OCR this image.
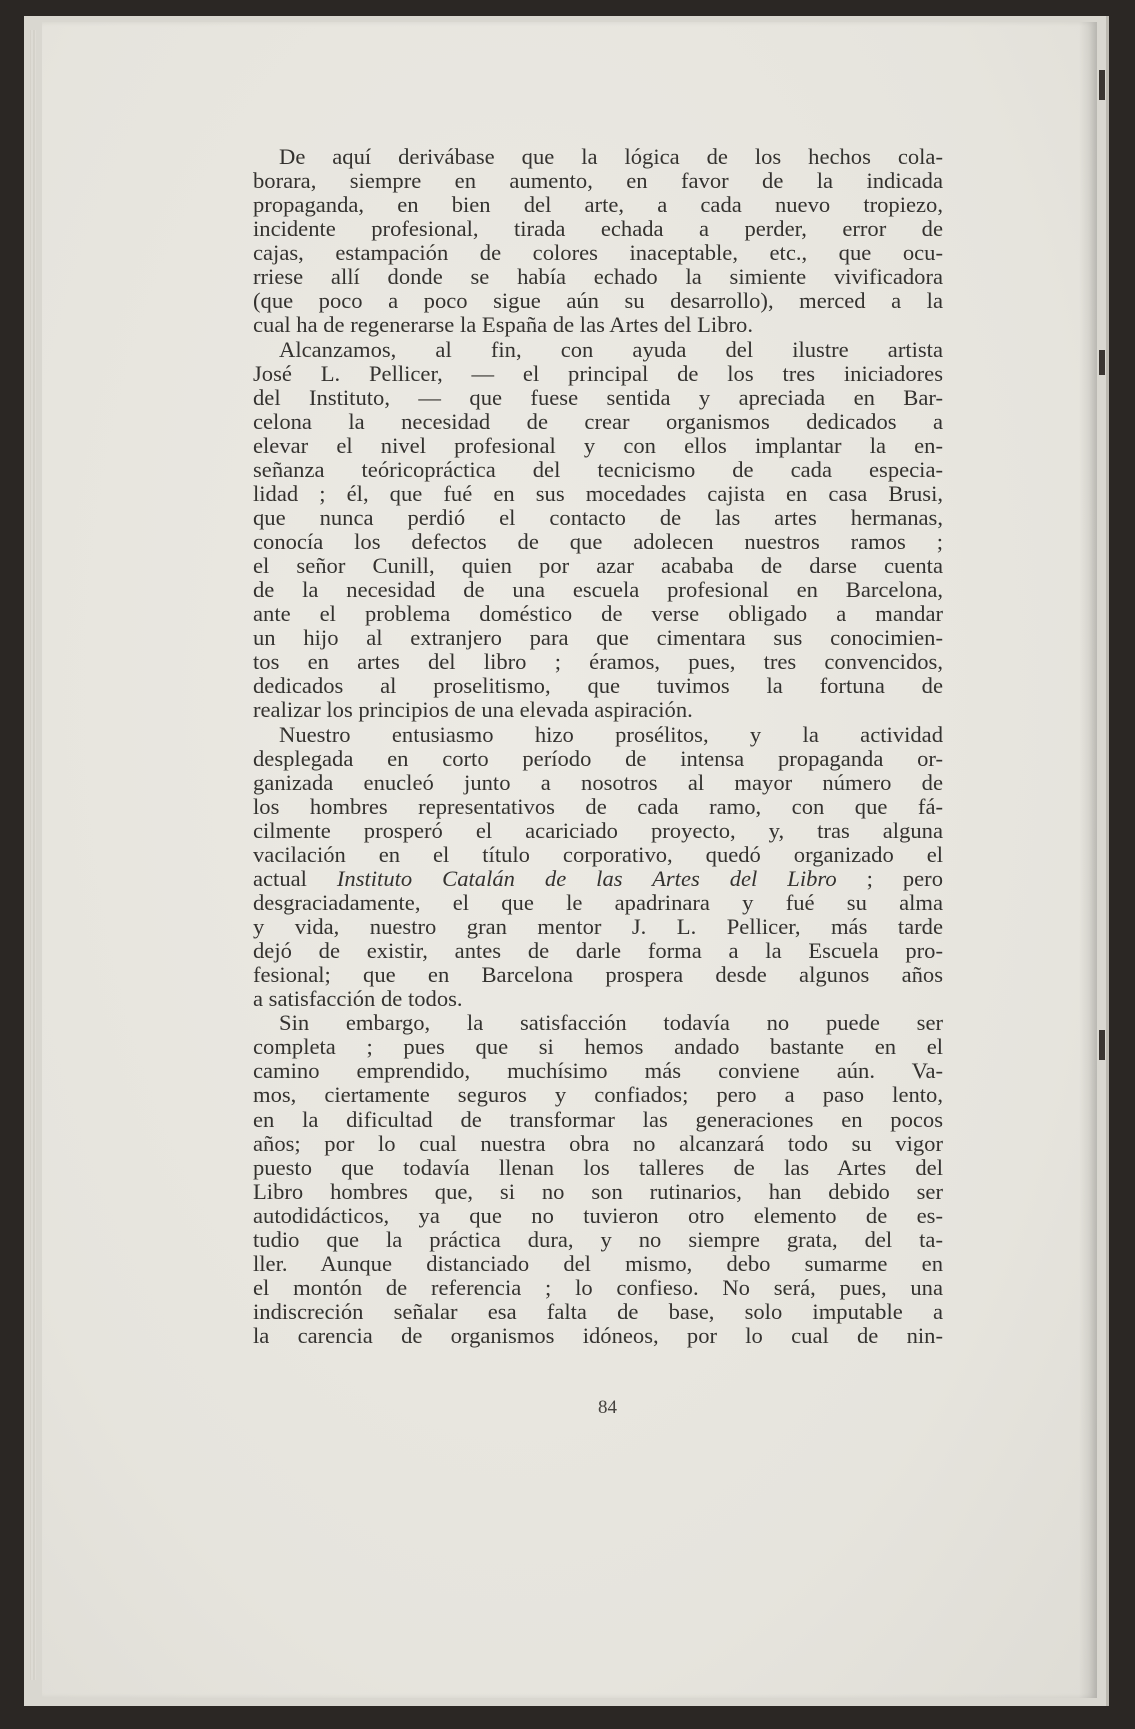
De aquí derivábase que la lógica de los hechos cola-
borara, siempre en aumento, en favor de la indicada
propaganda, en bien del arte, a cada nuevo tropiezo,
incidente profesional, tirada echada a perder, error de
cajas, estampación de colores inaceptable, etc., que ocu-
rriese allí donde se había echado la simiente vivificadora
(que poco a poco sigue aún su desarrollo), merced a la
cual ha de regenerarse la España de las Artes del Libro.
Alcanzamos, al fin, con ayuda del ilustre artista
José L. Pellicer, — el principal de los tres iniciadores
del Instituto, — que fuese sentida y apreciada en Bar-
celona la necesidad de crear organismos dedicados a
elevar el nivel profesional y con ellos implantar la en-
señanza teóricopráctica del tecnicismo de cada especia-
lidad ; él, que fué en sus mocedades cajista en casa Brusi,
que nunca perdió el contacto de las artes hermanas,
conocía los defectos de que adolecen nuestros ramos ;
el señor Cunill, quien por azar acababa de darse cuenta
de la necesidad de una escuela profesional en Barcelona,
ante el problema doméstico de verse obligado a mandar
un hijo al extranjero para que cimentara sus conocimien-
tos en artes del libro ; éramos, pues, tres convencidos,
dedicados al proselitismo, que tuvimos la fortuna de
realizar los principios de una elevada aspiración.
Nuestro entusiasmo hizo prosélitos, y la actividad
desplegada en corto período de intensa propaganda or-
ganizada enucleó junto a nosotros al mayor número de
los hombres representativos de cada ramo, con que fá-
cilmente prosperó el acariciado proyecto, y, tras alguna
vacilación en el título corporativo, quedó organizado el
actual Instituto Catalán de las Artes del Libro ; pero
desgraciadamente, el que le apadrinara y fué su alma
y vida, nuestro gran mentor J. L. Pellicer, más tarde
dejó de existir, antes de darle forma a la Escuela pro-
fesional; que en Barcelona prospera desde algunos años
a satisfacción de todos.
Sin embargo, la satisfacción todavía no puede ser
completa ; pues que si hemos andado bastante en el
camino emprendido, muchísimo más conviene aún. Va-
mos, ciertamente seguros y confiados; pero a paso lento,
en la dificultad de transformar las generaciones en pocos
años; por lo cual nuestra obra no alcanzará todo su vigor
puesto que todavía llenan los talleres de las Artes del
Libro hombres que, si no son rutinarios, han debido ser
autodidácticos, ya que no tuvieron otro elemento de es-
tudio que la práctica dura, y no siempre grata, del ta-
ller. Aunque distanciado del mismo, debo sumarme en
el montón de referencia ; lo confieso. No será, pues, una
indiscreción señalar esa falta de base, solo imputable a
la carencia de organismos idóneos, por lo cual de nin-
84
